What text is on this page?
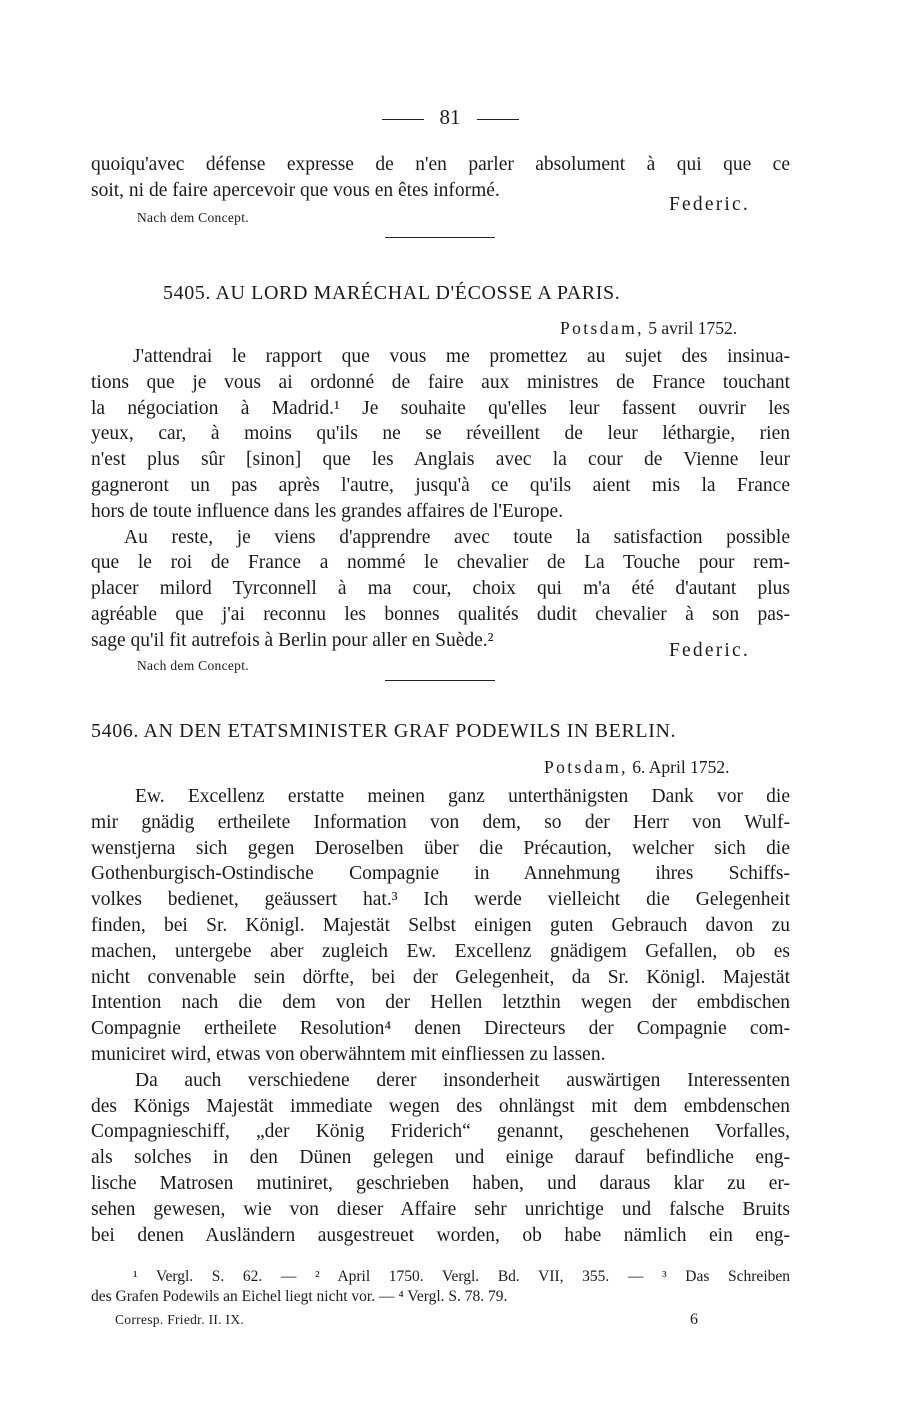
81
quoiqu'avec défense expresse de n'en parler absolument à qui que ce
soit, ni de faire apercevoir que vous en êtes informé.
Federic.
Nach dem Concept.
5405. AU LORD MARÉCHAL D'ÉCOSSE A PARIS.
Potsdam, 5 avril 1752.
J'attendrai le rapport que vous me promettez au sujet des insinua-
tions que je vous ai ordonné de faire aux ministres de France touchant
la négociation à Madrid.¹ Je souhaite qu'elles leur fassent ouvrir les
yeux, car, à moins qu'ils ne se réveillent de leur léthargie, rien
n'est plus sûr [sinon] que les Anglais avec la cour de Vienne leur
gagneront un pas après l'autre, jusqu'à ce qu'ils aient mis la France
hors de toute influence dans les grandes affaires de l'Europe.
Au reste, je viens d'apprendre avec toute la satisfaction possible
que le roi de France a nommé le chevalier de La Touche pour rem-
placer milord Tyrconnell à ma cour, choix qui m'a été d'autant plus
agréable que j'ai reconnu les bonnes qualités dudit chevalier à son pas-
sage qu'il fit autrefois à Berlin pour aller en Suède.²	Federic.
Nach dem Concept.
5406. AN DEN ETATSMINISTER GRAF PODEWILS IN BERLIN.
Potsdam, 6. April 1752.
Ew. Excellenz erstatte meinen ganz unterthänigsten Dank vor die
mir gnädig ertheilete Information von dem, so der Herr von Wulf-
wenstjerna sich gegen Deroselben über die Précaution, welcher sich die
Gothenburgisch-Ostindische Compagnie in Annehmung ihres Schiffs-
volkes bedienet, geäussert hat.³ Ich werde vielleicht die Gelegenheit
finden, bei Sr. Königl. Majestät Selbst einigen guten Gebrauch davon zu
machen, untergebe aber zugleich Ew. Excellenz gnädigem Gefallen, ob es
nicht convenable sein dörfte, bei der Gelegenheit, da Sr. Königl. Majestät
Intention nach die dem von der Hellen letzthin wegen der embdischen
Compagnie ertheilete Resolution⁴ denen Directeurs der Compagnie com-
municiret wird, etwas von oberwähntem mit einfliessen zu lassen.
Da auch verschiedene derer insonderheit auswärtigen Interessenten
des Königs Majestät immediate wegen des ohnlängst mit dem embdenschen
Compagnieschiff, „der König Friderich“ genannt, geschehenen Vorfalles,
als solches in den Dünen gelegen und einige darauf befindliche eng-
lische Matrosen mutiniret, geschrieben haben, und daraus klar zu er-
sehen gewesen, wie von dieser Affaire sehr unrichtige und falsche Bruits
bei denen Ausländern ausgestreuet worden, ob habe nämlich ein eng-
¹ Vergl. S. 62. — ² April 1750. Vergl. Bd. VII, 355. — ³ Das Schreiben
des Grafen Podewils an Eichel liegt nicht vor. — ⁴ Vergl. S. 78. 79.
Corresp. Friedr. II. IX.	6
